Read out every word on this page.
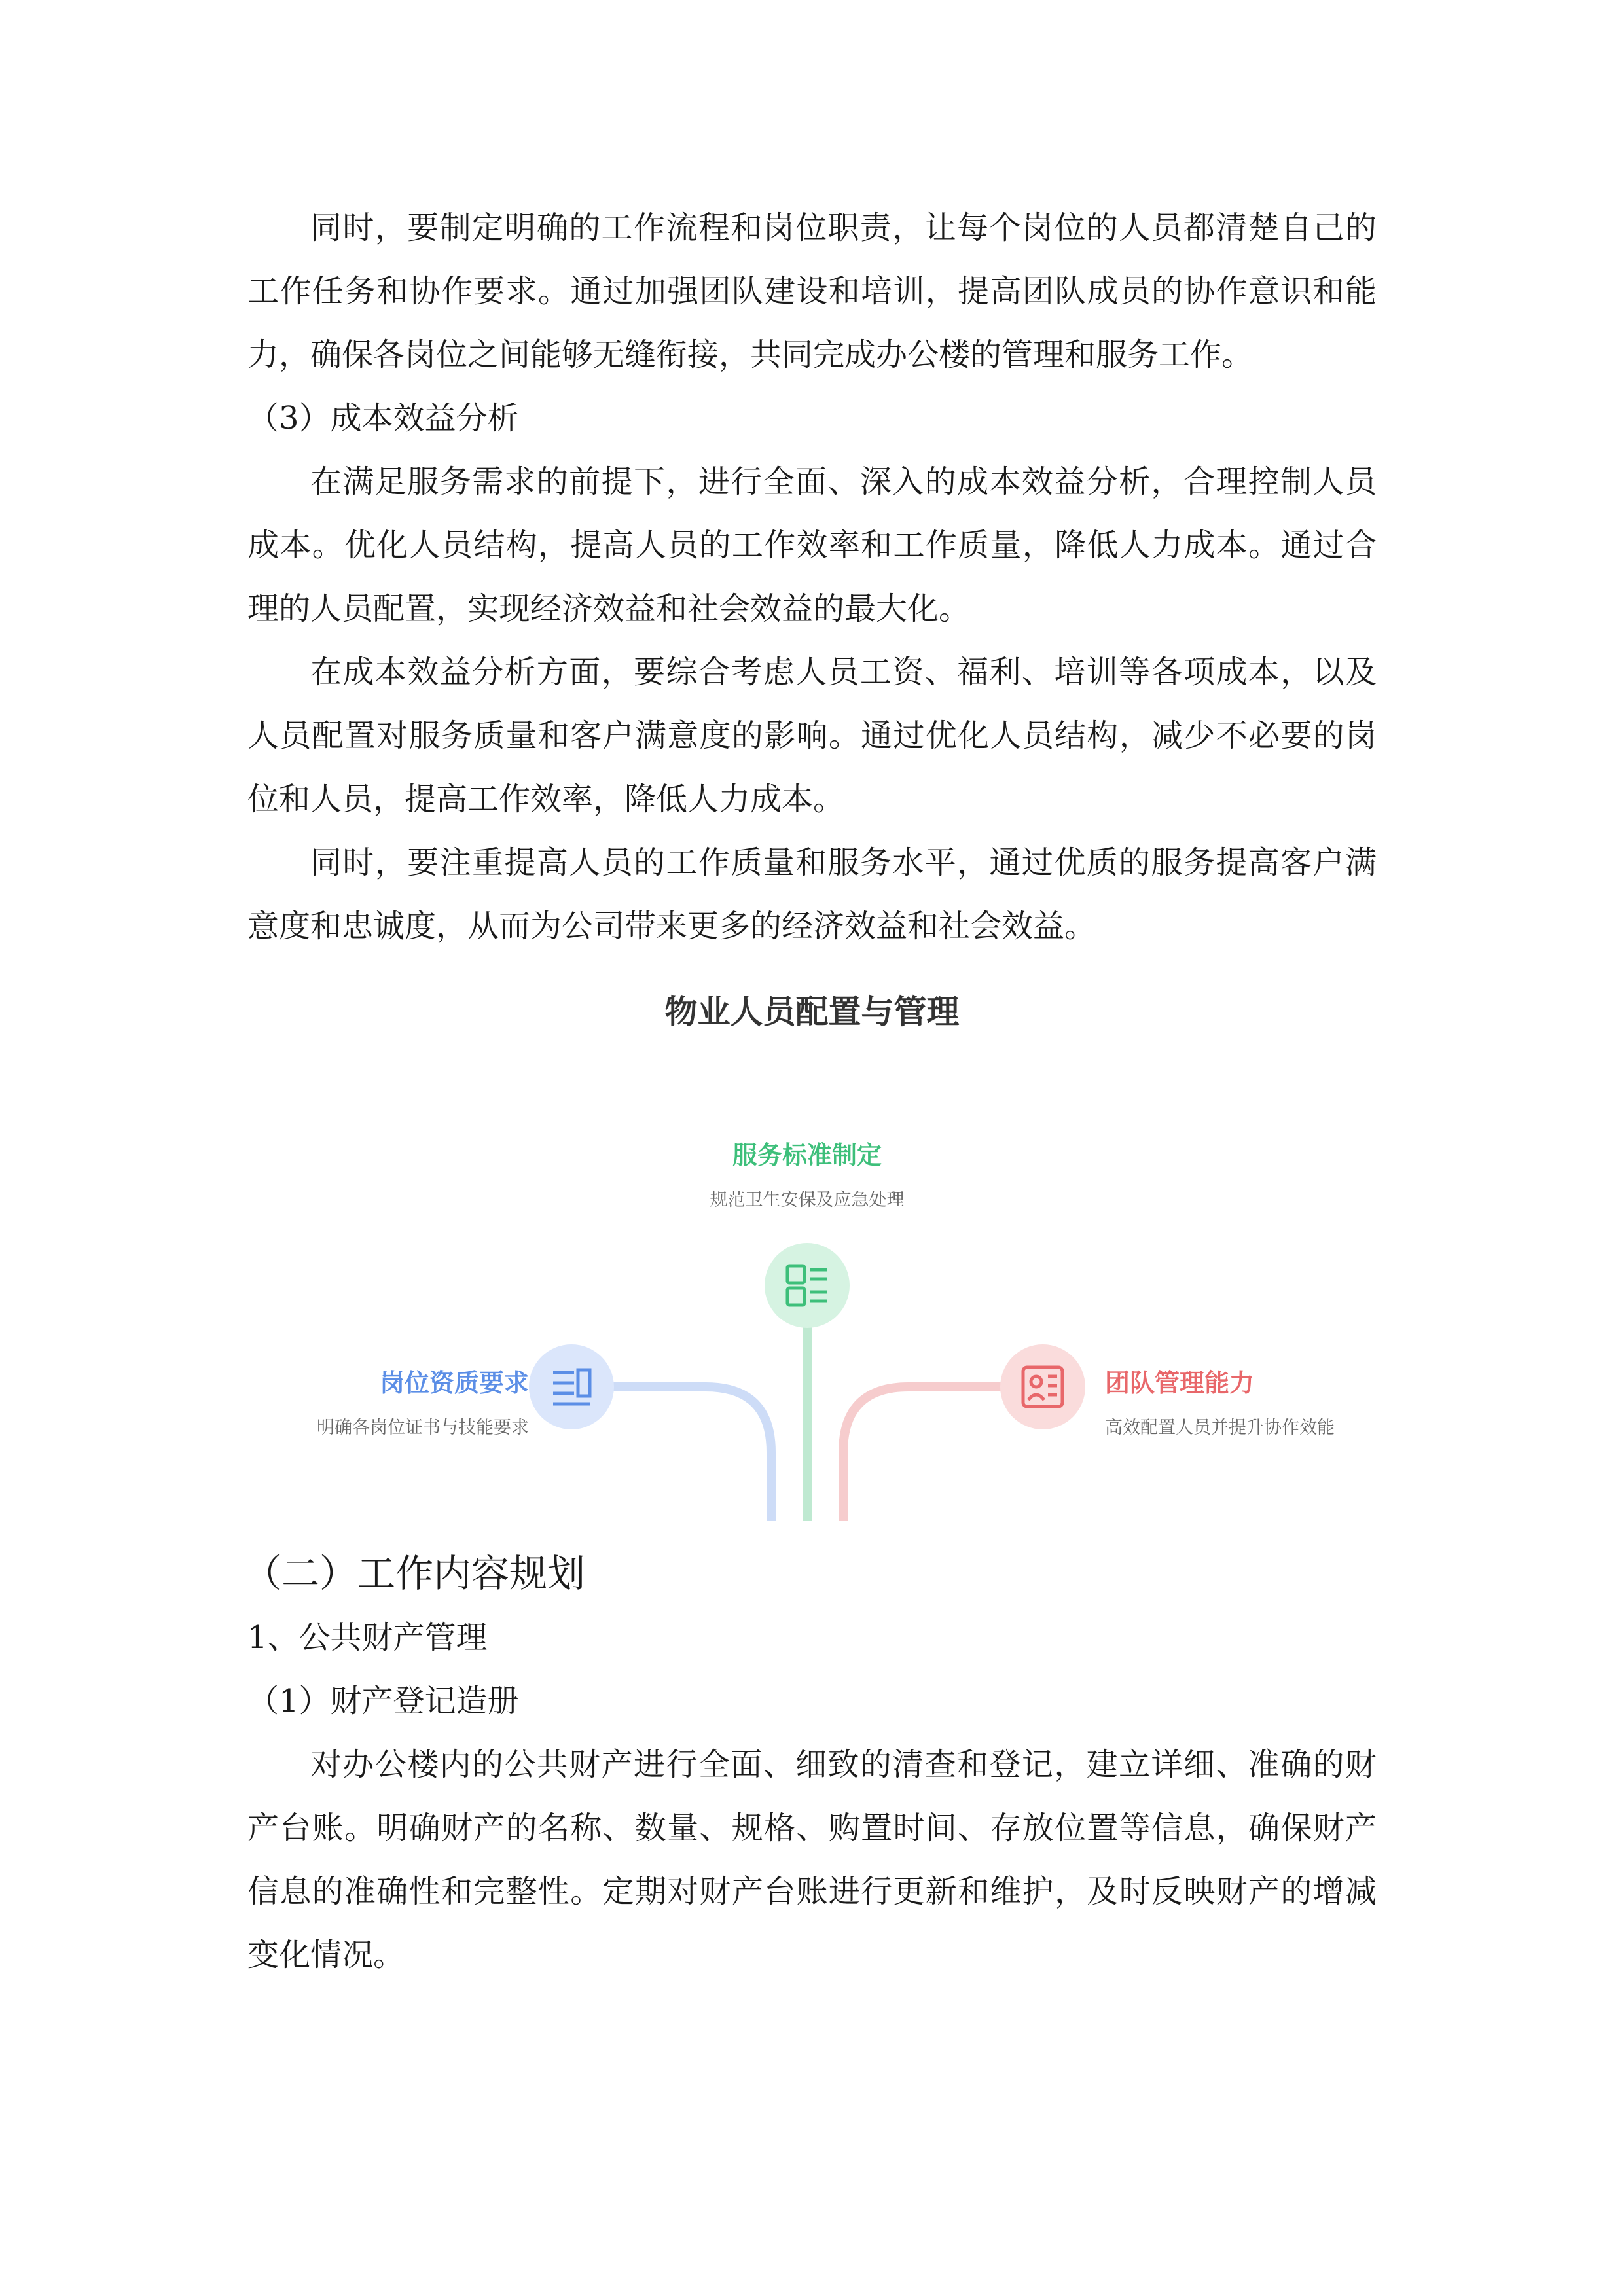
同时，要制定明确的工作流程和岗位职责，让每个岗位的人员都清楚自己的工作任务和协作要求。通过加强团队建设和培训，提高团队成员的协作意识和能力，确保各岗位之间能够无缝衔接，共同完成办公楼的管理和服务工作。

（3）成本效益分析

在满足服务需求的前提下，进行全面、深入的成本效益分析，合理控制人员成本。优化人员结构，提高人员的工作效率和工作质量，降低人力成本。通过合理的人员配置，实现经济效益和社会效益的最大化。

在成本效益分析方面，要综合考虑人员工资、福利、培训等各项成本，以及人员配置对服务质量和客户满意度的影响。通过优化人员结构，减少不必要的岗位和人员，提高工作效率，降低人力成本。

同时，要注重提高人员的工作质量和服务水平，通过优质的服务提高客户满意度和忠诚度，从而为公司带来更多的经济效益和社会效益。

物业人员配置与管理
服务标准制定
规范卫生安保及应急处理
岗位资质要求
明确各岗位证书与技能要求
团队管理能力
高效配置人员并提升协作效能

（二）工作内容规划

1、公共财产管理

（1）财产登记造册

对办公楼内的公共财产进行全面、细致的清查和登记，建立详细、准确的财产台账。明确财产的名称、数量、规格、购置时间、存放位置等信息，确保财产信息的准确性和完整性。定期对财产台账进行更新和维护，及时反映财产的增减变化情况。
